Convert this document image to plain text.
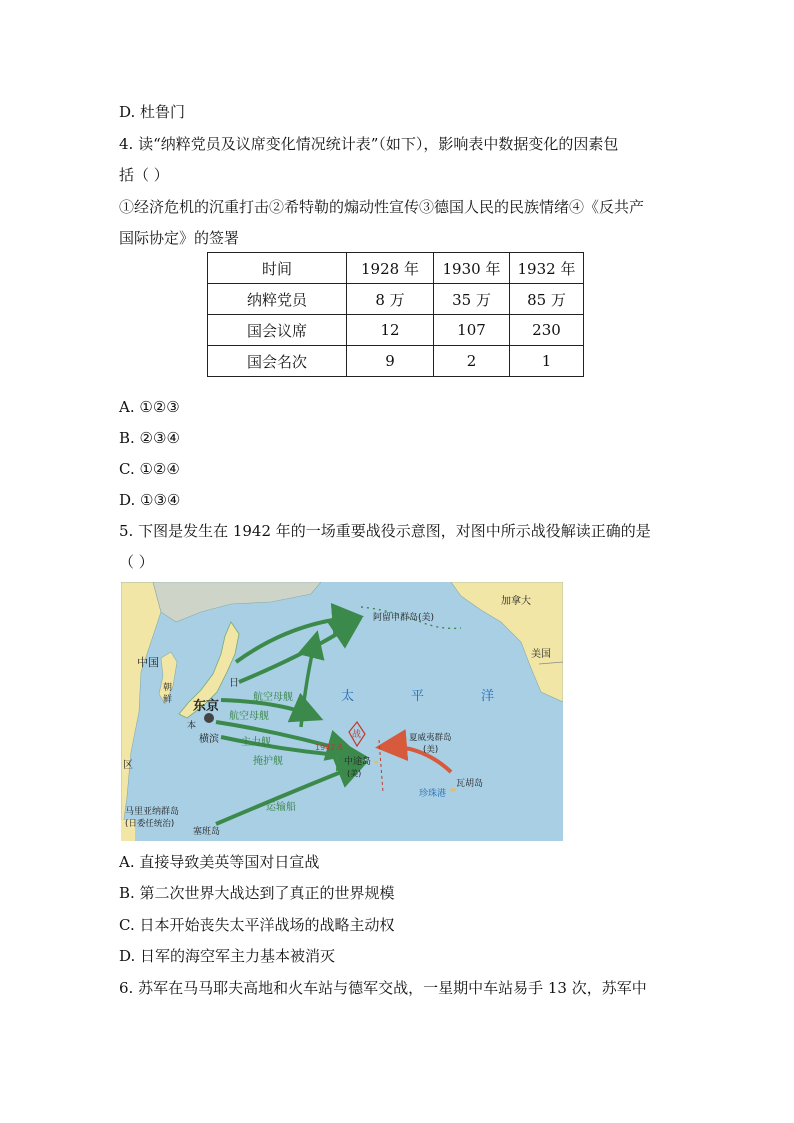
D. 杜鲁门
4. 读“纳粹党员及议席变化情况统计表”（如下），影响表中数据变化的因素包
括（ ）
①经济危机的沉重打击②希特勒的煽动性宣传③德国人民的民族情绪④《反共产
国际协定》的签署
时间	1928 年	1930 年	1932 年
纳粹党员	8 万	35 万	85 万
国会议席	12	107	230
国会名次	9	2	1
A. ①②③
B. ②③④
C. ①②④
D. ①③④
5. 下图是发生在 1942 年的一场重要战役示意图，对图中所示战役解读正确的是
（ ）
阿留申群岛(美)
加拿大
美国
中国
日
朝
鲜 东京
本
横滨
航空母舰
航空母舰
主力舰
掩护舰
运输船
太	平	洋
夏威夷群岛
(美)
瓦胡岛
珍珠港
中途岛
(美)
1942.6
战
马里亚纳群岛
(日委任统治)
塞班岛
区
A. 直接导致美英等国对日宣战
B. 第二次世界大战达到了真正的世界规模
C. 日本开始丧失太平洋战场的战略主动权
D. 日军的海空军主力基本被消灭
6. 苏军在马马耶夫高地和火车站与德军交战，一星期中车站易手 13 次，苏军中
